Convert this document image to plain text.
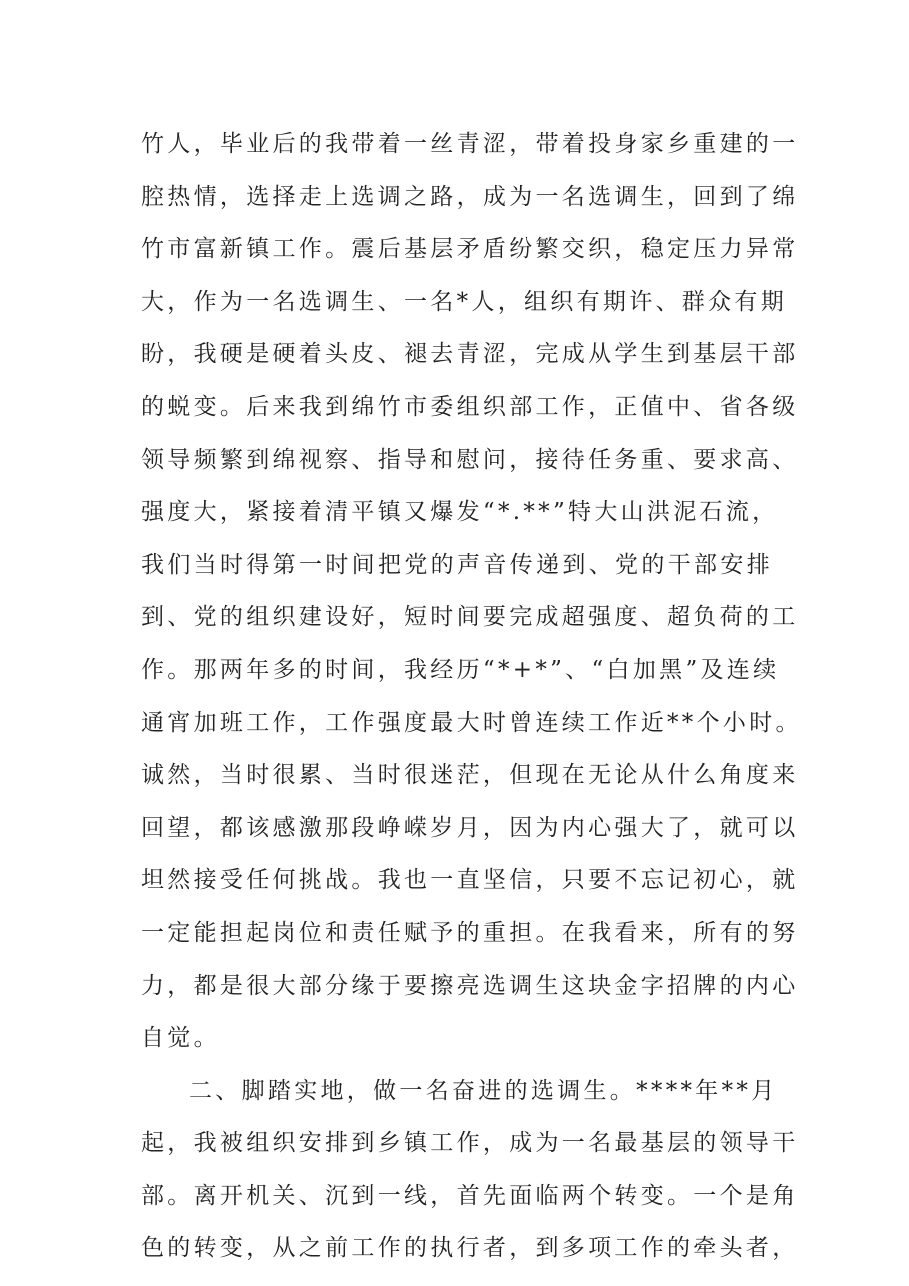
竹人，毕业后的我带着一丝青涩，带着投身家乡重建的一
腔热情，选择走上选调之路，成为一名选调生，回到了绵
竹市富新镇工作。震后基层矛盾纷繁交织，稳定压力异常
大，作为一名选调生、一名*人，组织有期许、群众有期
盼，我硬是硬着头皮、褪去青涩，完成从学生到基层干部
的蜕变。后来我到绵竹市委组织部工作，正值中、省各级
领导频繁到绵视察、指导和慰问，接待任务重、要求高、
强度大，紧接着清平镇又爆发“*.**”特大山洪泥石流，
我们当时得第一时间把党的声音传递到、党的干部安排
到、党的组织建设好，短时间要完成超强度、超负荷的工
作。那两年多的时间，我经历“*+*”、“白加黑”及连续
通宵加班工作，工作强度最大时曾连续工作近**个小时。
诚然，当时很累、当时很迷茫，但现在无论从什么角度来
回望，都该感激那段峥嵘岁月，因为内心强大了，就可以
坦然接受任何挑战。我也一直坚信，只要不忘记初心，就
一定能担起岗位和责任赋予的重担。在我看来，所有的努
力，都是很大部分缘于要擦亮选调生这块金字招牌的内心
自觉。
二、脚踏实地，做一名奋进的选调生。****年**月
起，我被组织安排到乡镇工作，成为一名最基层的领导干
部。离开机关、沉到一线，首先面临两个转变。一个是角
色的转变，从之前工作的执行者，到多项工作的牵头者，
